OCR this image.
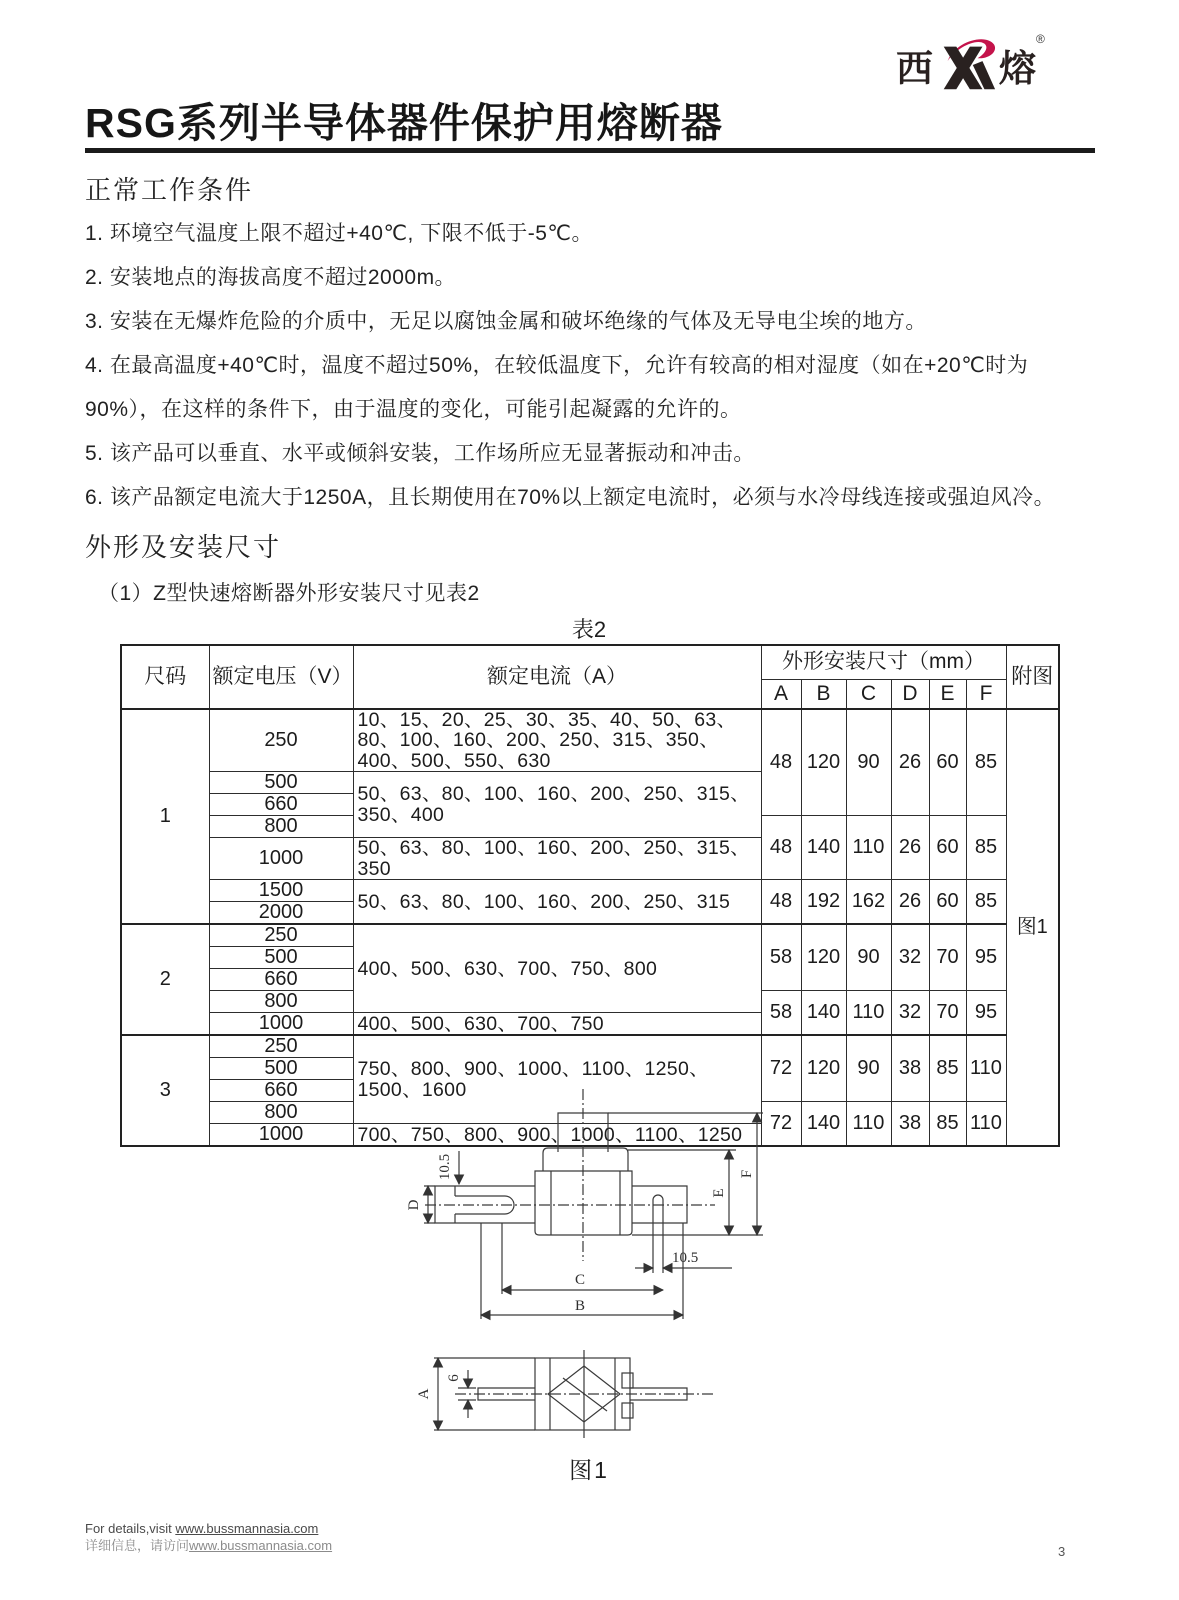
西 熔
®
RSG系列半导体器件保护用熔断器
正常工作条件

1. 环境空气温度上限不超过+40℃, 下限不低于-5℃。

2. 安装地点的海拔高度不超过2000m。

3. 安装在无爆炸危险的介质中，无足以腐蚀金属和破坏绝缘的气体及无导电尘埃的地方。

4. 在最高温度+40℃时，温度不超过50%，在较低温度下，允许有较高的相对湿度（如在+20℃时为90%），在这样的条件下，由于温度的变化，可能引起凝露的允许的。

5. 该产品可以垂直、水平或倾斜安装，工作场所应无显著振动和冲击。

6. 该产品额定电流大于1250A，且长期使用在70%以上额定电流时，必须与水冷母线连接或强迫风冷。

外形及安装尺寸
（1）Z型快速熔断器外形安装尺寸见表2
表2
尺码	额定电压（V）	额定电流（A）	外形安装尺寸（mm）						附图
			A	B	C	D	E	F	
1	250	10、15、20、25、30、35、40、50、63、80、100、160、200、250、315、350、400、500、550、630	48	120	90	26	60	85	图1
	500	50、63、80、100、160、200、250、315、350、400							
	660								
	800		48	140	110	26	60	85	
	1000	50、63、80、100、160、200、250、315、350							
	1500	50、63、80、100、160、200、250、315	48	192	162	26	60	85	
	2000								
2	250	400、500、630、700、750、800	58	120	90	32	70	95	
	500								
	660								
	800		58	140	110	32	70	95	
	1000	400、500、630、700、750							
3	250	750、800、900、1000、1100、1250、1500、1600	72	120	90	38	85	110	
	500								
	660								
	800		72	140	110	38	85	110	
	1000	700、750、800、900、1000、1100、1250							
10.5
D
E
F
10.5
C
B
A
6
图1
For details,visit www.bussmannasia.com
详细信息，请访问www.bussmannasia.com	3
